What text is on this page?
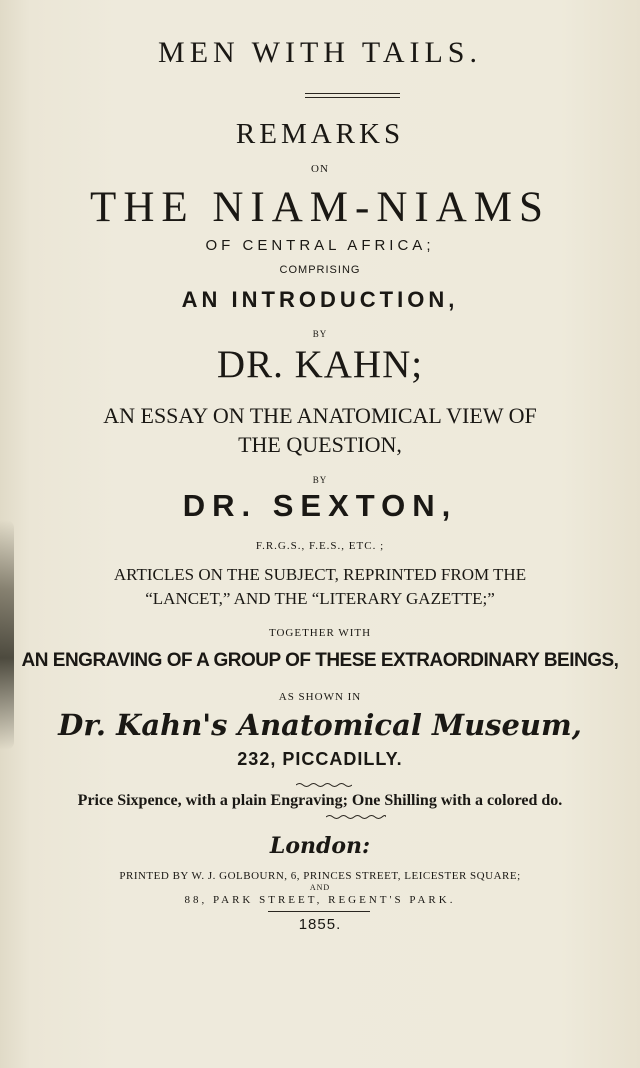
MEN WITH TAILS.
REMARKS
ON
THE NIAM-NIAMS
OF CENTRAL AFRICA;
COMPRISING
AN INTRODUCTION,
BY
DR. KAHN;
AN ESSAY ON THE ANATOMICAL VIEW OF
THE QUESTION,
BY
DR. SEXTON,
F.R.G.S., F.E.S., ETC. ;
ARTICLES ON THE SUBJECT, REPRINTED FROM THE
“LANCET,” AND THE “LITERARY GAZETTE;”
TOGETHER WITH
AN ENGRAVING OF A GROUP OF THESE EXTRAORDINARY BEINGS,
AS SHOWN IN
Dr. Kahn's Anatomical Museum,
232, PICCADILLY.
Price Sixpence, with a plain Engraving; One Shilling with a colored do.
London:
PRINTED BY W. J. GOLBOURN, 6, PRINCES STREET, LEICESTER SQUARE;
AND
88, PARK STREET, REGENT'S PARK.
1855.
